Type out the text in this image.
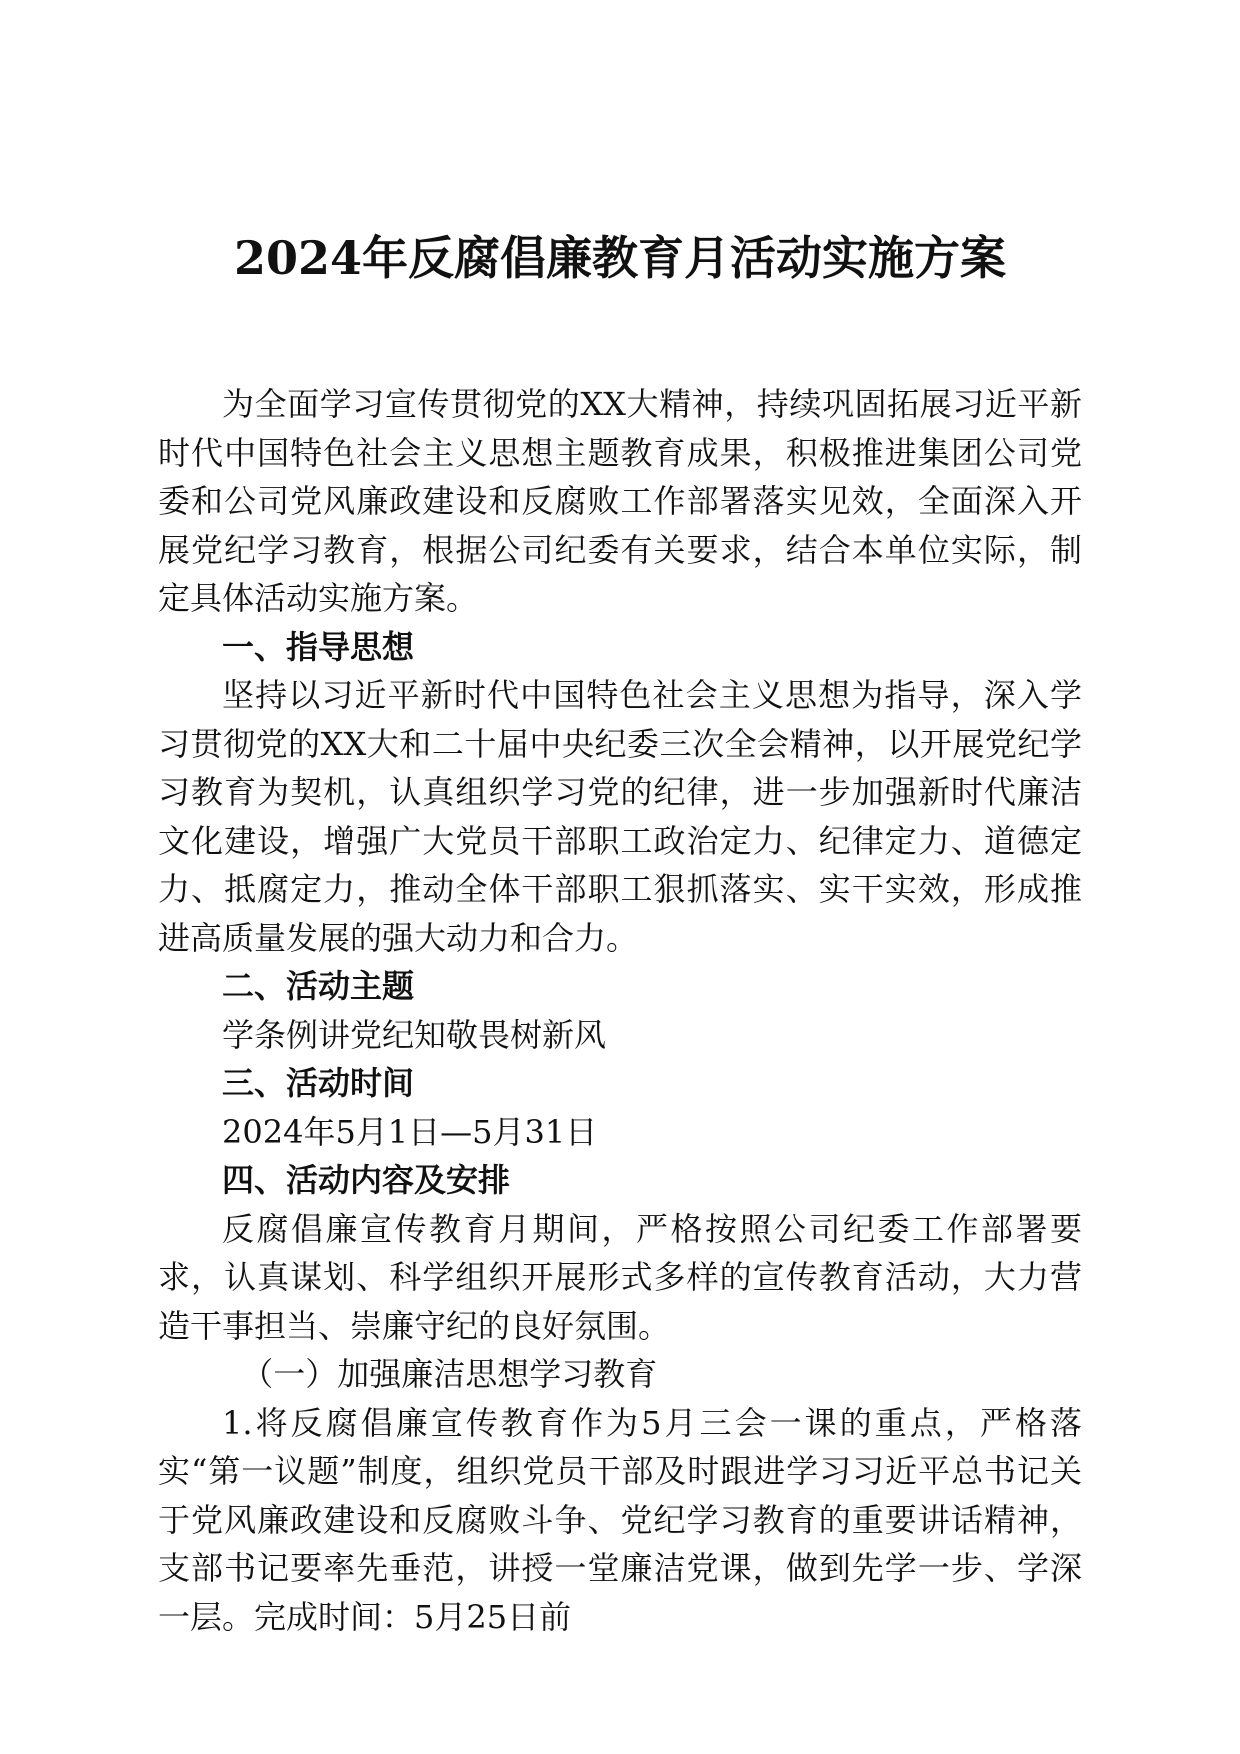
2024年反腐倡廉教育月活动实施方案

为全面学习宣传贯彻党的XX大精神，持续巩固拓展习近平新时代中国特色社会主义思想主题教育成果，积极推进集团公司党委和公司党风廉政建设和反腐败工作部署落实见效，全面深入开展党纪学习教育，根据公司纪委有关要求，结合本单位实际，制定具体活动实施方案。

一、指导思想

坚持以习近平新时代中国特色社会主义思想为指导，深入学习贯彻党的XX大和二十届中央纪委三次全会精神，以开展党纪学习教育为契机，认真组织学习党的纪律，进一步加强新时代廉洁文化建设，增强广大党员干部职工政治定力、纪律定力、道德定力、抵腐定力，推动全体干部职工狠抓落实、实干实效，形成推进高质量发展的强大动力和合力。

二、活动主题

学条例讲党纪知敬畏树新风

三、活动时间

2024年5月1日—5月31日

四、活动内容及安排

反腐倡廉宣传教育月期间，严格按照公司纪委工作部署要求，认真谋划、科学组织开展形式多样的宣传教育活动，大力营造干事担当、崇廉守纪的良好氛围。

（一）加强廉洁思想学习教育

1.将反腐倡廉宣传教育作为5月三会一课的重点，严格落实“第一议题”制度，组织党员干部及时跟进学习习近平总书记关于党风廉政建设和反腐败斗争、党纪学习教育的重要讲话精神，支部书记要率先垂范，讲授一堂廉洁党课，做到先学一步、学深一层。完成时间：5月25日前
